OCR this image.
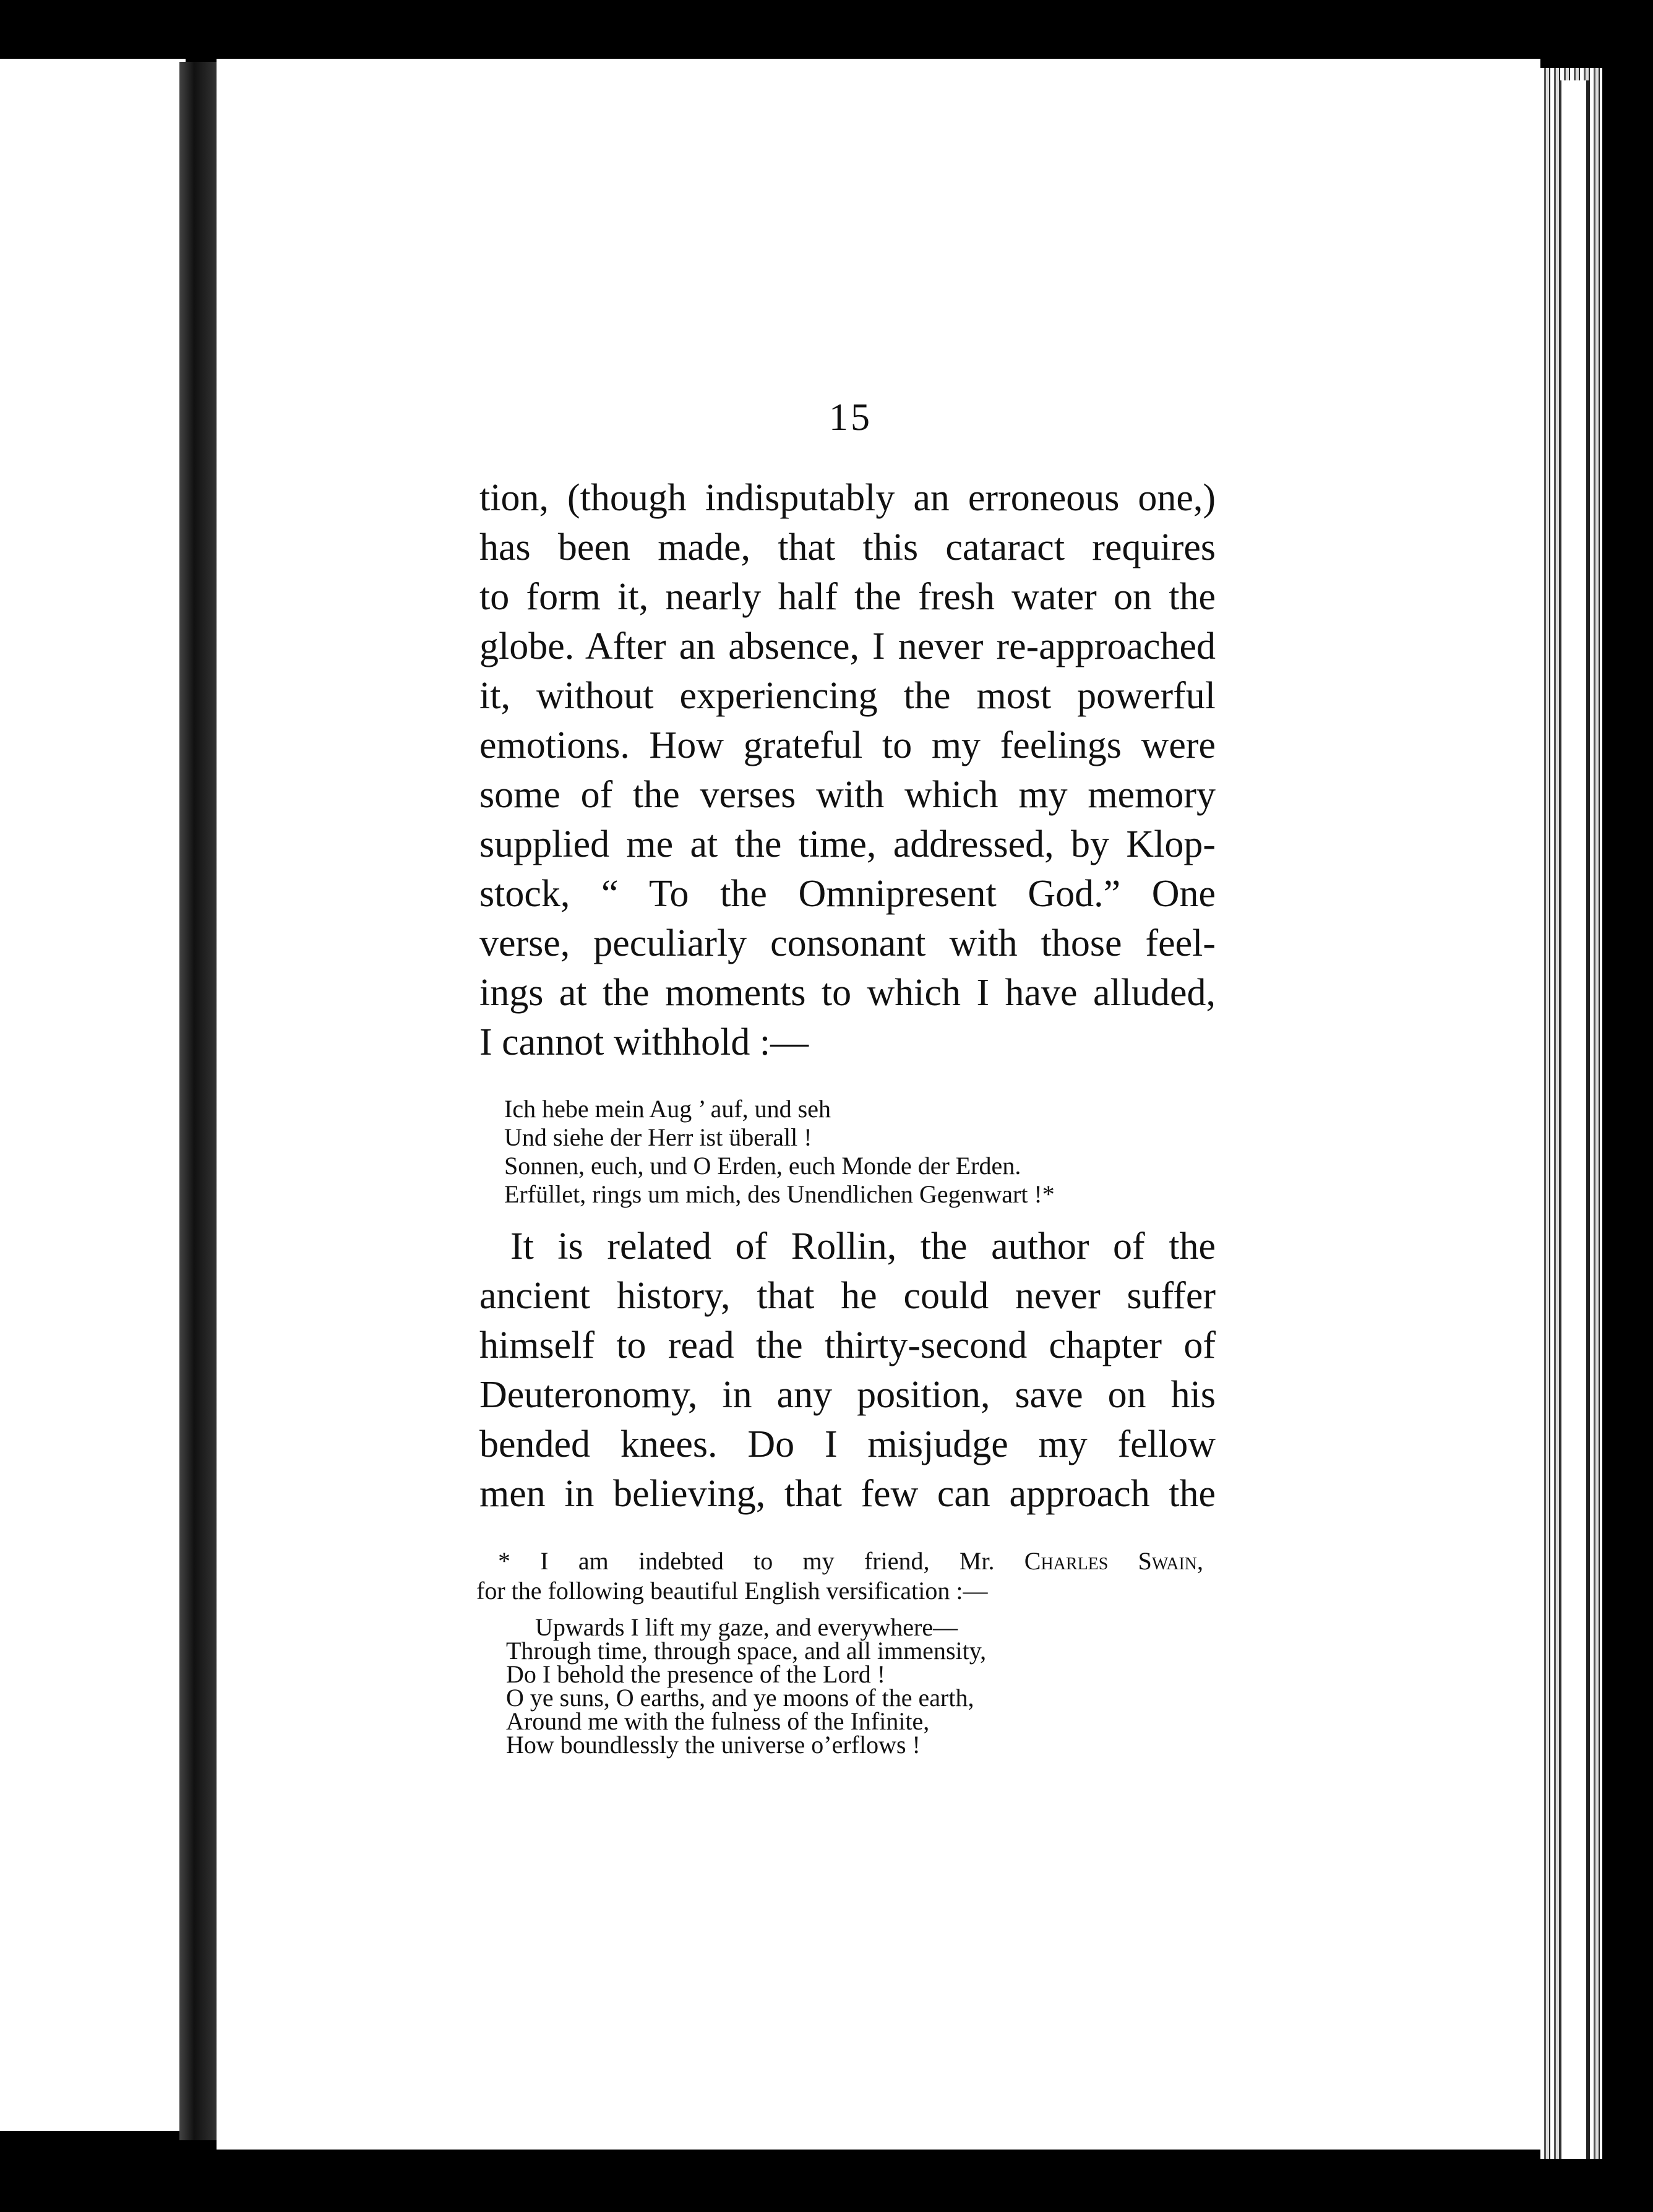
15
tion, (though indisputably an erroneous one,)
has been made, that this cataract requires
to form it, nearly half the fresh water on the
globe. After an absence, I never re-approached
it, without experiencing the most powerful
emotions. How grateful to my feelings were
some of the verses with which my memory
supplied me at the time, addressed, by Klop-
stock, “ To the Omnipresent God.” One
verse, peculiarly consonant with those feel-
ings at the moments to which I have alluded,
I cannot withhold :—
Ich hebe mein Aug ’ auf, und seh
Und siehe der Herr ist überall !
Sonnen, euch, und O Erden, euch Monde der Erden.
Erfüllet, rings um mich, des Unendlichen Gegenwart !*
It is related of Rollin, the author of the
ancient history, that he could never suffer
himself to read the thirty-second chapter of
Deuteronomy, in any position, save on his
bended knees. Do I misjudge my fellow
men in believing, that few can approach the
* I am indebted to my friend, Mr. Charles Swain,
for the following beautiful English versification :—
Upwards I lift my gaze, and everywhere—
Through time, through space, and all immensity,
Do I behold the presence of the Lord !
O ye suns, O earths, and ye moons of the earth,
Around me with the fulness of the Infinite,
How boundlessly the universe o’erflows !
